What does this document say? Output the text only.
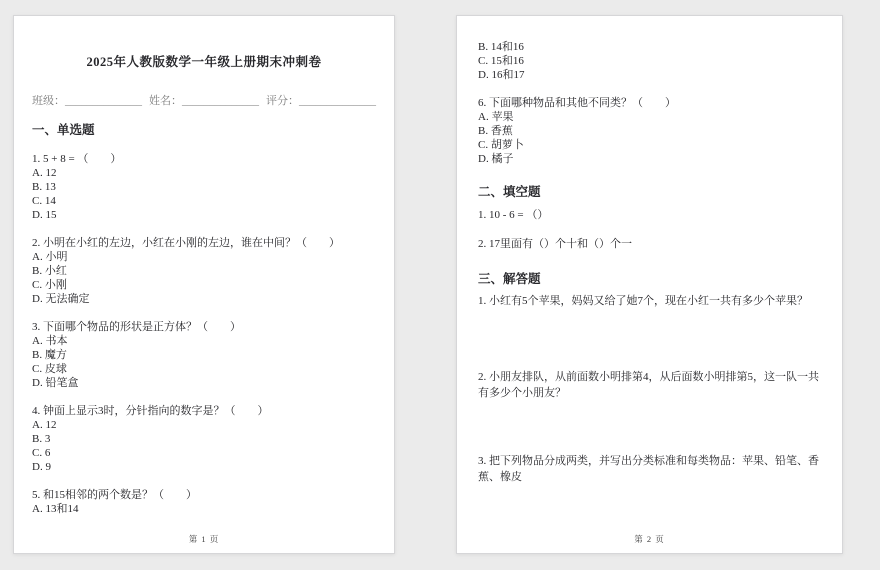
2025年人教版数学一年级上册期末冲刺卷
班级：______________ 姓名：______________ 评分：______________
一、单选题
1. 5 + 8 = （　　）
A. 12
B. 13
C. 14
D. 15
2. 小明在小红的左边，小红在小刚的左边，谁在中间？（　　）
A. 小明
B. 小红
C. 小刚
D. 无法确定
3. 下面哪个物品的形状是正方体？（　　）
A. 书本
B. 魔方
C. 皮球
D. 铅笔盒
4. 钟面上显示3时，分针指向的数字是？（　　）
A. 12
B. 3
C. 6
D. 9
5. 和15相邻的两个数是？（　　）
A. 13和14
第 1 页
B. 14和16
C. 15和16
D. 16和17
6. 下面哪种物品和其他不同类？（　　）
A. 苹果
B. 香蕉
C. 胡萝卜
D. 橘子
二、填空题
1. 10 - 6 = （）
2. 17里面有（）个十和（）个一
三、解答题
1. 小红有5个苹果，妈妈又给了她7个，现在小红一共有多少个苹果？
2. 小朋友排队，从前面数小明排第4，从后面数小明排第5，这一队一共有多少个小朋友？
3. 把下列物品分成两类，并写出分类标准和每类物品：苹果、铅笔、香蕉、橡皮
第 2 页
